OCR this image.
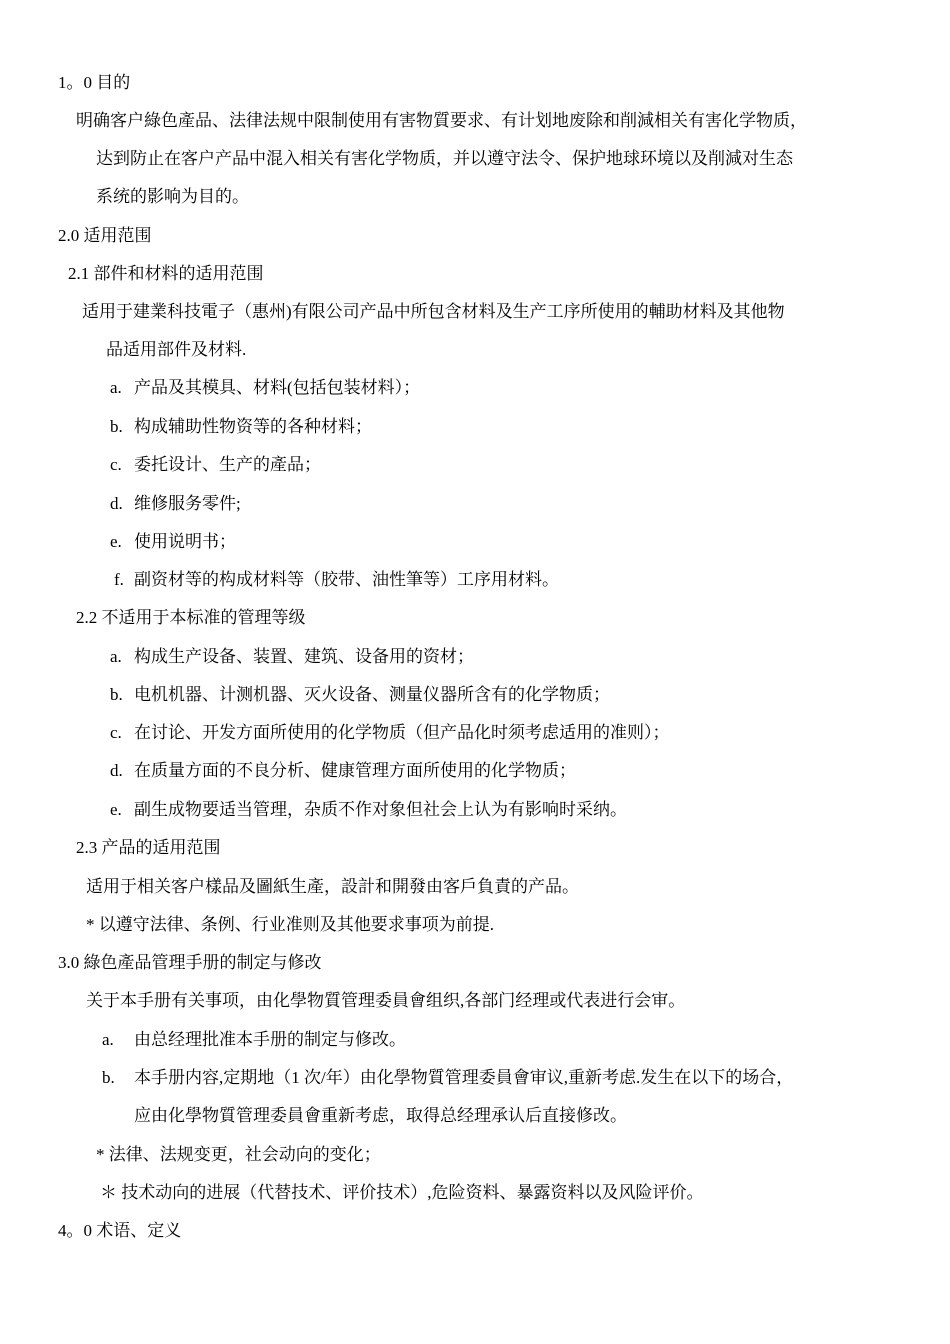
1。0 目的
明确客户綠色產品、法律法规中限制使用有害物質要求、有计划地废除和削減相关有害化学物质，
达到防止在客户产品中混入相关有害化学物质，并以遵守法令、保护地球环境以及削減对生态
系统的影响为目的。
2.0 适用范围
2.1 部件和材料的适用范围
适用于建業科技電子（惠州)有限公司产品中所包含材料及生产工序所使用的輔助材料及其他物
品适用部件及材料.
a. 产品及其模具、材料(包括包装材料）；
b. 构成辅助性物资等的各种材料；
c. 委托设计、生产的產品；
d. 维修服务零件;
e. 使用说明书；
f. 副资材等的构成材料等（胶带、油性筆等）工序用材料。
2.2 不适用于本标准的管理等级
a. 构成生产设备、装置、建筑、设备用的资材；
b. 电机机器、计测机器、灭火设备、测量仪器所含有的化学物质；
c. 在讨论、开发方面所使用的化学物质（但产品化时须考虑适用的准则）；
d. 在质量方面的不良分析、健康管理方面所使用的化学物质；
e. 副生成物要适当管理，杂质不作对象但社会上认为有影响时采纳。
2.3 产品的适用范围
适用于相关客户樣品及圖紙生產，設計和開發由客戶負責的产品。
* 以遵守法律、条例、行业准则及其他要求事项为前提.
3.0 綠色產品管理手册的制定与修改
关于本手册有关事项，由化學物質管理委員會组织,各部门经理或代表进行会审。
a. 由总经理批准本手册的制定与修改。
b. 本手册内容,定期地（1 次/年）由化學物質管理委員會审议,重新考虑.发生在以下的场合，
应由化學物質管理委員會重新考虑，取得总经理承认后直接修改。
* 法律、法规变更，社会动向的变化；
＊ 技术动向的进展（代替技术、评价技术）,危险资料、暴露资料以及风险评价。
4。0 术语、定义
